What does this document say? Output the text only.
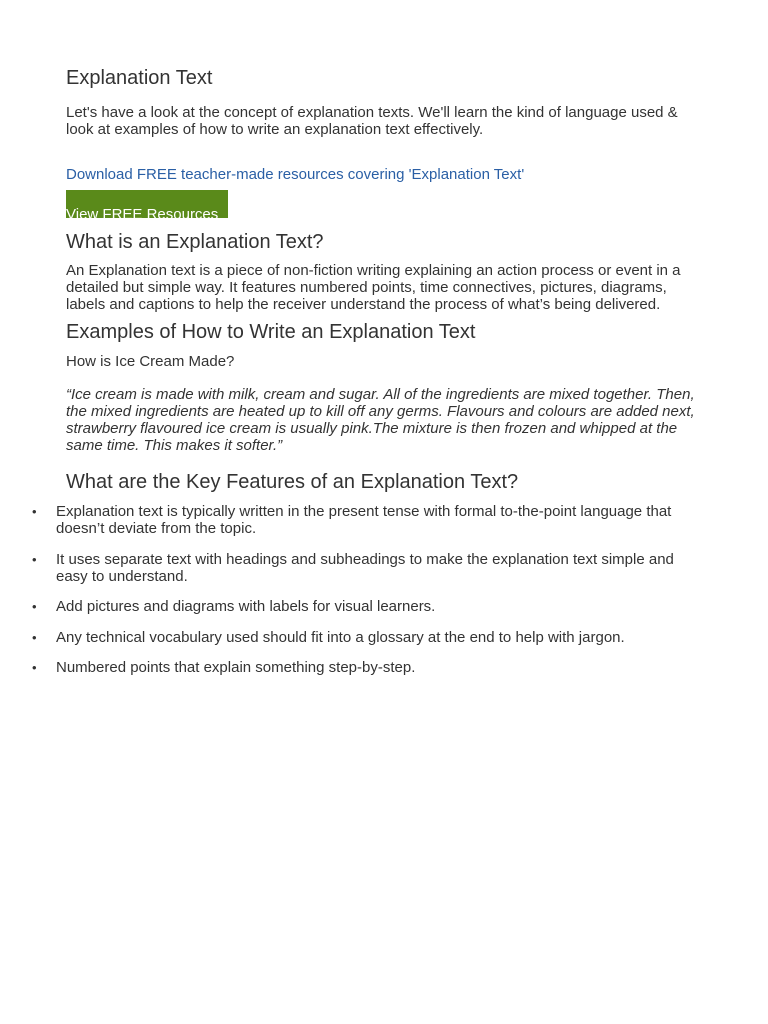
Explanation Text

Let's have a look at the concept of explanation texts. We'll learn the kind of language used & look at examples of how to write an explanation text effectively.

Download FREE teacher-made resources covering 'Explanation Text'
View FREE Resources
What is an Explanation Text?

An Explanation text is a piece of non-fiction writing explaining an action process or event in a detailed but simple way. It features numbered points, time connectives, pictures, diagrams, labels and captions to help the receiver understand the process of what’s being delivered.

Examples of How to Write an Explanation Text

How is Ice Cream Made?

“Ice cream is made with milk, cream and sugar. All of the ingredients are mixed together. Then, the mixed ingredients are heated up to kill off any germs. Flavours and colours are added next, strawberry flavoured ice cream is usually pink.The mixture is then frozen and whipped at the same time. This makes it softer.”

What are the Key Features of an Explanation Text?
• Explanation text is typically written in the present tense with formal to-the-point language that doesn’t deviate from the topic.
• It uses separate text with headings and subheadings to make the explanation text simple and easy to understand.
• Add pictures and diagrams with labels for visual learners.
• Any technical vocabulary used should fit into a glossary at the end to help with jargon.
• Numbered points that explain something step-by-step.
